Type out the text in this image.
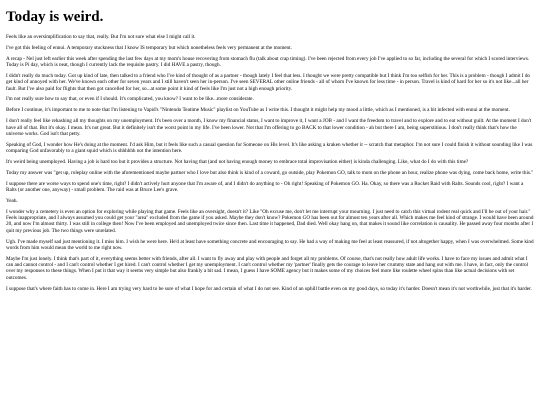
Today is weird.

Feels like an oversimplification to say that, really. But I'm not sure what else I might call it.

I've got this feeling of ennui. A temporary stuckness that I know IS temporary but which nonetheless feels very permanent at the moment.

A recap - Nel just left earlier this week after spending the last few days at my mom's house recovering from stomach flu (talk about crap timing). I've been rejected from every job I've applied to so far, including the several for which I scored interviews. Today is Pi day, which is neat, though I currently lack the requisite pastry. I did HAVE a pastry, though.

I didn't really do much today. Got up kind of late, then talked to a friend who I've kind of thought of as a partner - though lately I feel that less. I thought we were pretty compatible but I think I'm too selfish for her. This is a problem - though I admit I do get kind of annoyed with her. We've known each other for seven years and I still haven't seen her in-person. I've seen SEVERAL other online friends - all of whom I've known for less time - in person. Travel is kind of hard for her so it's not like...all her fault. But I've also paid for flights that then got cancelled for her, so...at some point it kind of feels like I'm just not a high enough priority.

I'm not really sure how to say that, or even if I should. It's complicated, you know? I want to be like...more considerate.

Before I continue, it's important to me to note that I'm listening to Vapid's "Nintendo Teatime Music" playlist on YouTube as I write this. I thought it might help my mood a little, which as I mentioned, is a bit infected with ennui at the moment.

I don't really feel like rehashing all my thoughts on my unemployment. It's been over a month, I know my financial status, I want to improve it, I want a JOB - and I want the freedom to travel and to explore and to eat without guilt. At the moment I don't have all of that. But it's okay. I mean. It's not great. But it definitely isn't the worst point in my life. I've been lower. Not that I'm offering to go BACK to that lower condition - ah but there I am, being superstitious. I don't really think that's how the universe works. God isn't that petty.

Speaking of God, I wonder how He's doing at the moment. I'd ask Him, but it feels like such a casual question for Someone on His level. It's like asking a kraken whether it -- scratch that metaphor. I'm not sure I could finish it without sounding like I was comparing God unfavorably to a giant squid which is shhhhhh not the intention here.

It's weird being unemployed. Having a job is hard too but it provides a structure. Not having that (and not having enough money to embrace total improvisation either) is kinda challenging. Like, what do I do with this time?

Today my answer was "get up, roleplay online with the aforementioned maybe partner who I love but also think is kind of a coward, go outside, play Pokemon GO, talk to mom on the phone an hour, realize phone was dying, come back home, write this."

I suppose there are worse ways to spend one's time, right? I didn't actively hurt anyone that I'm aware of, and I didn't do anything to - Oh right! Speaking of Pokemon GO. Ha. Okay, so there was a Rocket Raid with Ralts. Sounds cool, right? I want a Ralts (or another one, anyway) - small problem. The raid was at Bruce Lee's grave.

Yeah.

I wonder why a cemetery is even an option for exploring while playing that game. Feels like an oversight, doesn't it? Like "Oh excuse me, don't let me interrupt your mourning. I just need to catch this virtual rodent real quick and I'll be out of your hair." Feels inappropriate, and I always assumed you could get your "area" excluded from the game if you asked. Maybe they don't know? Pokemon GO has been out for almost ten years after all. Which makes me feel kind of strange. I would have been around 20, and now I'm almost thirty. I was still in college then! Now I've been employed and unemployed twice since then. Last time it happened, Dad died. Well okay hang on, that makes it sound like correlation is causality. He passed away four months after I quit my previous job. The two things were unrelated.

Ugh. I've made myself sad just mentioning it. I miss him. I wish he were here. He'd at least have something concrete and encouraging to say. He had a way of making me feel at least reassured, if not altogether happy, when I was overwhelmed. Some kind words from him would mean the world to me right now.

Maybe I'm just lonely. I think that's part of it, everything seems better with friends, after all. I want to fly away and play with people and forget all my problems. Of course, that's not really how adult life works. I have to face my issues and admit what I can and cannot control - and I can't control whether I get hired. I can't control whether I get my unemployment. I can't control whether my 'partner' finally gets the courage to leave her crummy state and hang out with me. I have, in fact, only the control over my responses to these things. When I put it that way it seems very simple but also frankly a bit sad. I mean, I guess I have SOME agency but it makes some of my choices feel more like roulette wheel spins than like actual decisions with set outcomes.

I suppose that's where faith has to come in. Here I am trying very hard to be sure of what I hope for and certain of what I do not see. Kind of an uphill battle even on my good days, so today it's harder. Doesn't mean it's not worthwhile, just that it's harder.
